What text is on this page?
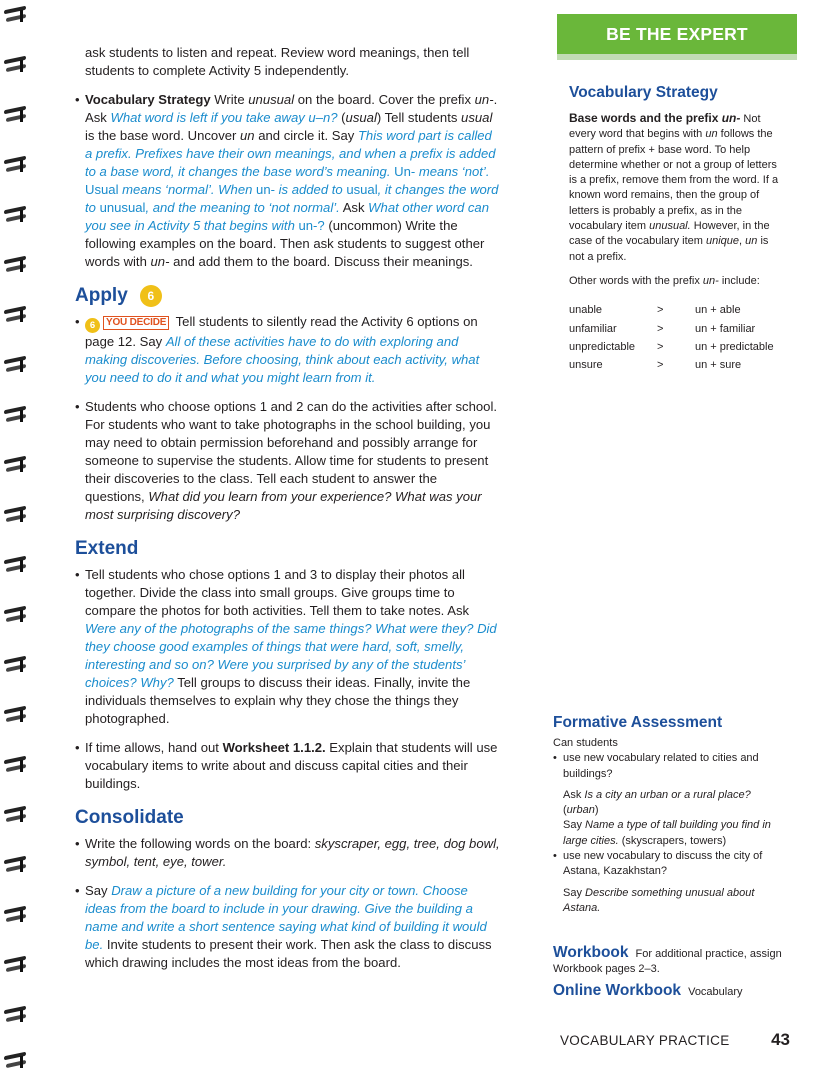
ask students to listen and repeat. Review word meanings, then tell students to complete Activity 5 independently.

• Vocabulary Strategy Write unusual on the board. Cover the prefix un-. Ask What word is left if you take away u–n? (usual) Tell students usual is the base word. Uncover un and circle it. Say This word part is called a prefix. Prefixes have their own meanings, and when a prefix is added to a base word, it changes the base word’s meaning. Un- means ‘not’. Usual means ‘normal’. When un- is added to usual, it changes the word to unusual, and the meaning to ‘not normal’. Ask What other word can you see in Activity 5 that begins with un-? (uncommon) Write the following examples on the board. Then ask students to suggest other words with un- and add them to the board. Discuss their meanings.
Apply	6
• 6 YOU DECIDE Tell students to silently read the Activity 6 options on page 12. Say All of these activities have to do with exploring and making discoveries. Before choosing, think about each activity, what you need to do it and what you might learn from it.
• Students who choose options 1 and 2 can do the activities after school. For students who want to take photographs in the school building, you may need to obtain permission beforehand and possibly arrange for someone to supervise the students. Allow time for students to present their discoveries to the class. Tell each student to answer the questions, What did you learn from your experience? What was your most surprising discovery?
Extend
• Tell students who chose options 1 and 3 to display their photos all together. Divide the class into small groups. Give groups time to compare the photos for both activities. Tell them to take notes. Ask Were any of the photographs of the same things? What were they? Did they choose good examples of things that were hard, soft, smelly, interesting and so on? Were you surprised by any of the students’ choices? Why? Tell groups to discuss their ideas. Finally, invite the individuals themselves to explain why they chose the things they photographed.
• If time allows, hand out Worksheet 1.1.2. Explain that students will use vocabulary items to write about and discuss capital cities and their buildings.
Consolidate
• Write the following words on the board: skyscraper, egg, tree, dog bowl, symbol, tent, eye, tower.
• Say Draw a picture of a new building for your city or town. Choose ideas from the board to include in your drawing. Give the building a name and write a short sentence saying what kind of building it would be. Invite students to present their work. Then ask the class to discuss which drawing includes the most ideas from the board.
BE THE EXPERT
Vocabulary Strategy
Base words and the prefix un- Not every word that begins with un follows the pattern of prefix + base word. To help determine whether or not a group of letters is a prefix, remove them from the word. If a known word remains, then the group of letters is probably a prefix, as in the vocabulary item unusual. However, in the case of the vocabulary item unique, un is not a prefix.
Other words with the prefix un- include:
unable	>	un + able
unfamiliar	>	un + familiar
unpredictable	>	un + predictable
unsure	>	un + sure
Formative Assessment
Can students
• use new vocabulary related to cities and buildings?
Ask Is a city an urban or a rural place? (urban)
Say Name a type of tall building you find in large cities. (skyscrapers, towers)
• use new vocabulary to discuss the city of Astana, Kazakhstan?
Say Describe something unusual about Astana.
Workbook For additional practice, assign Workbook pages 2–3.
Online Workbook Vocabulary
VOCABULARY PRACTICE 43
